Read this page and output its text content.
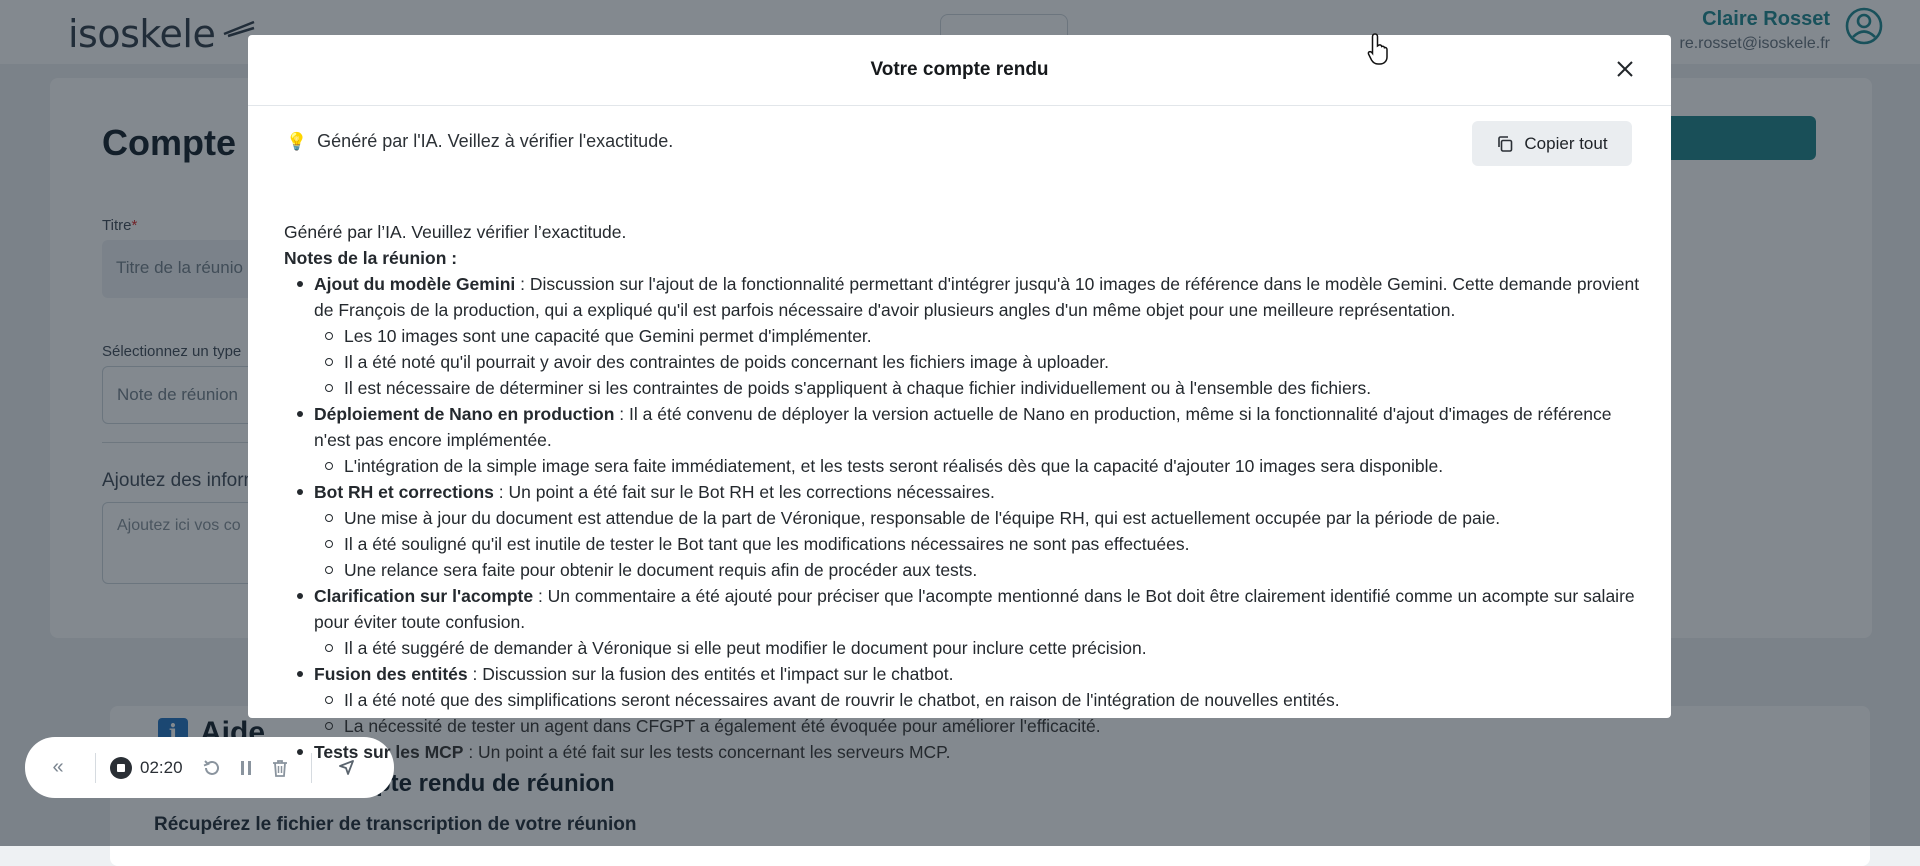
«	02:20
Votre compte rendu
💡 Généré par l'IA. Veillez à vérifier l'exactitude.	Copier tout
Généré par l’IA. Veuillez vérifier l’exactitude.
Notes de la réunion :
Ajout du modèle Gemini : Discussion sur l'ajout de la fonctionnalité permettant d'intégrer jusqu'à 10 images de référence dans le modèle Gemini. Cette demande provient de François de la production, qui a expliqué qu'il est parfois nécessaire d'avoir plusieurs angles d'un même objet pour une meilleure représentation.
Les 10 images sont une capacité que Gemini permet d'implémenter.
Il a été noté qu'il pourrait y avoir des contraintes de poids concernant les fichiers image à uploader.
Il est nécessaire de déterminer si les contraintes de poids s'appliquent à chaque fichier individuellement ou à l'ensemble des fichiers.
Déploiement de Nano en production : Il a été convenu de déployer la version actuelle de Nano en production, même si la fonctionnalité d'ajout d'images de référence n'est pas encore implémentée.
L'intégration de la simple image sera faite immédiatement, et les tests seront réalisés dès que la capacité d'ajouter 10 images sera disponible.
Bot RH et corrections : Un point a été fait sur le Bot RH et les corrections nécessaires.
Une mise à jour du document est attendue de la part de Véronique, responsable de l'équipe RH, qui est actuellement occupée par la période de paie.
Il a été souligné qu'il est inutile de tester le Bot tant que les modifications nécessaires ne sont pas effectuées.
Une relance sera faite pour obtenir le document requis afin de procéder aux tests.
Clarification sur l'acompte : Un commentaire a été ajouté pour préciser que l'acompte mentionné dans le Bot doit être clairement identifié comme un acompte sur salaire pour éviter toute confusion.
Il a été suggéré de demander à Véronique si elle peut modifier le document pour inclure cette précision.
Fusion des entités : Discussion sur la fusion des entités et l'impact sur le chatbot.
Il a été noté que des simplifications seront nécessaires avant de rouvrir le chatbot, en raison de l'intégration de nouvelles entités.
La nécessité de tester un agent dans CFGPT a également été évoquée pour améliorer l'efficacité.
Tests sur les MCP : Un point a été fait sur les tests concernant les serveurs MCP.
